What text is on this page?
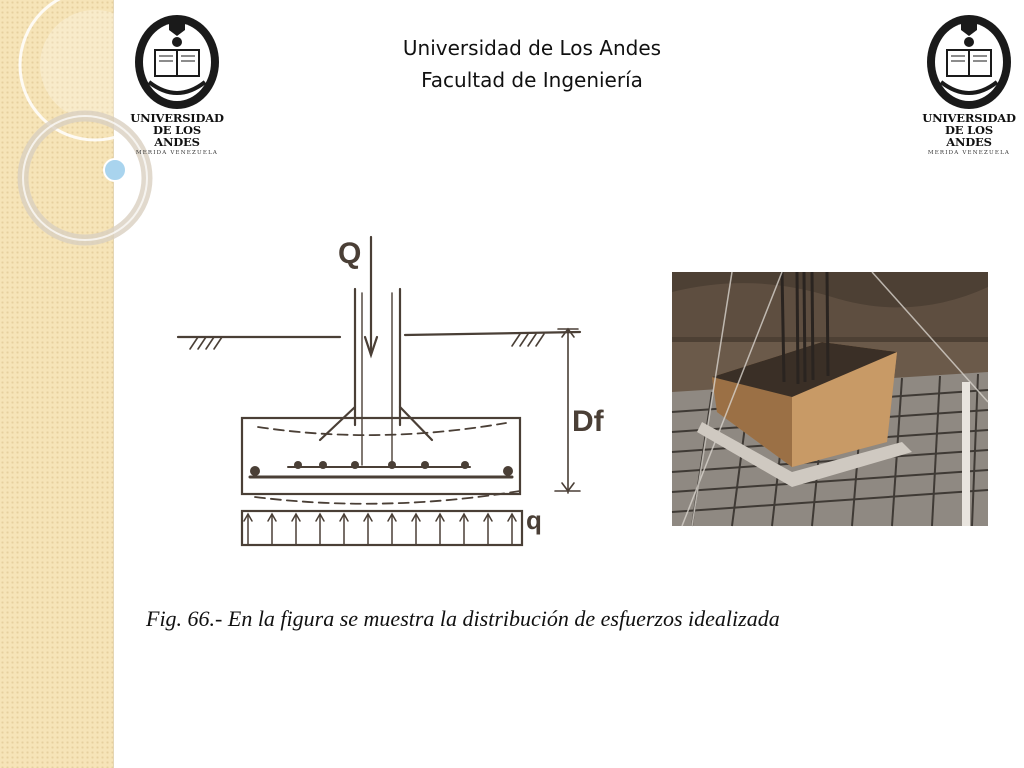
Universidad de Los Andes
Facultad de Ingeniería
UNIVERSIDAD
DE LOS ANDES
MERIDA VENEZUELA
UNIVERSIDAD
DE LOS ANDES
MERIDA VENEZUELA
Q
Df
q
Fig. 66.- En la figura se muestra la distribución de esfuerzos idealizada
